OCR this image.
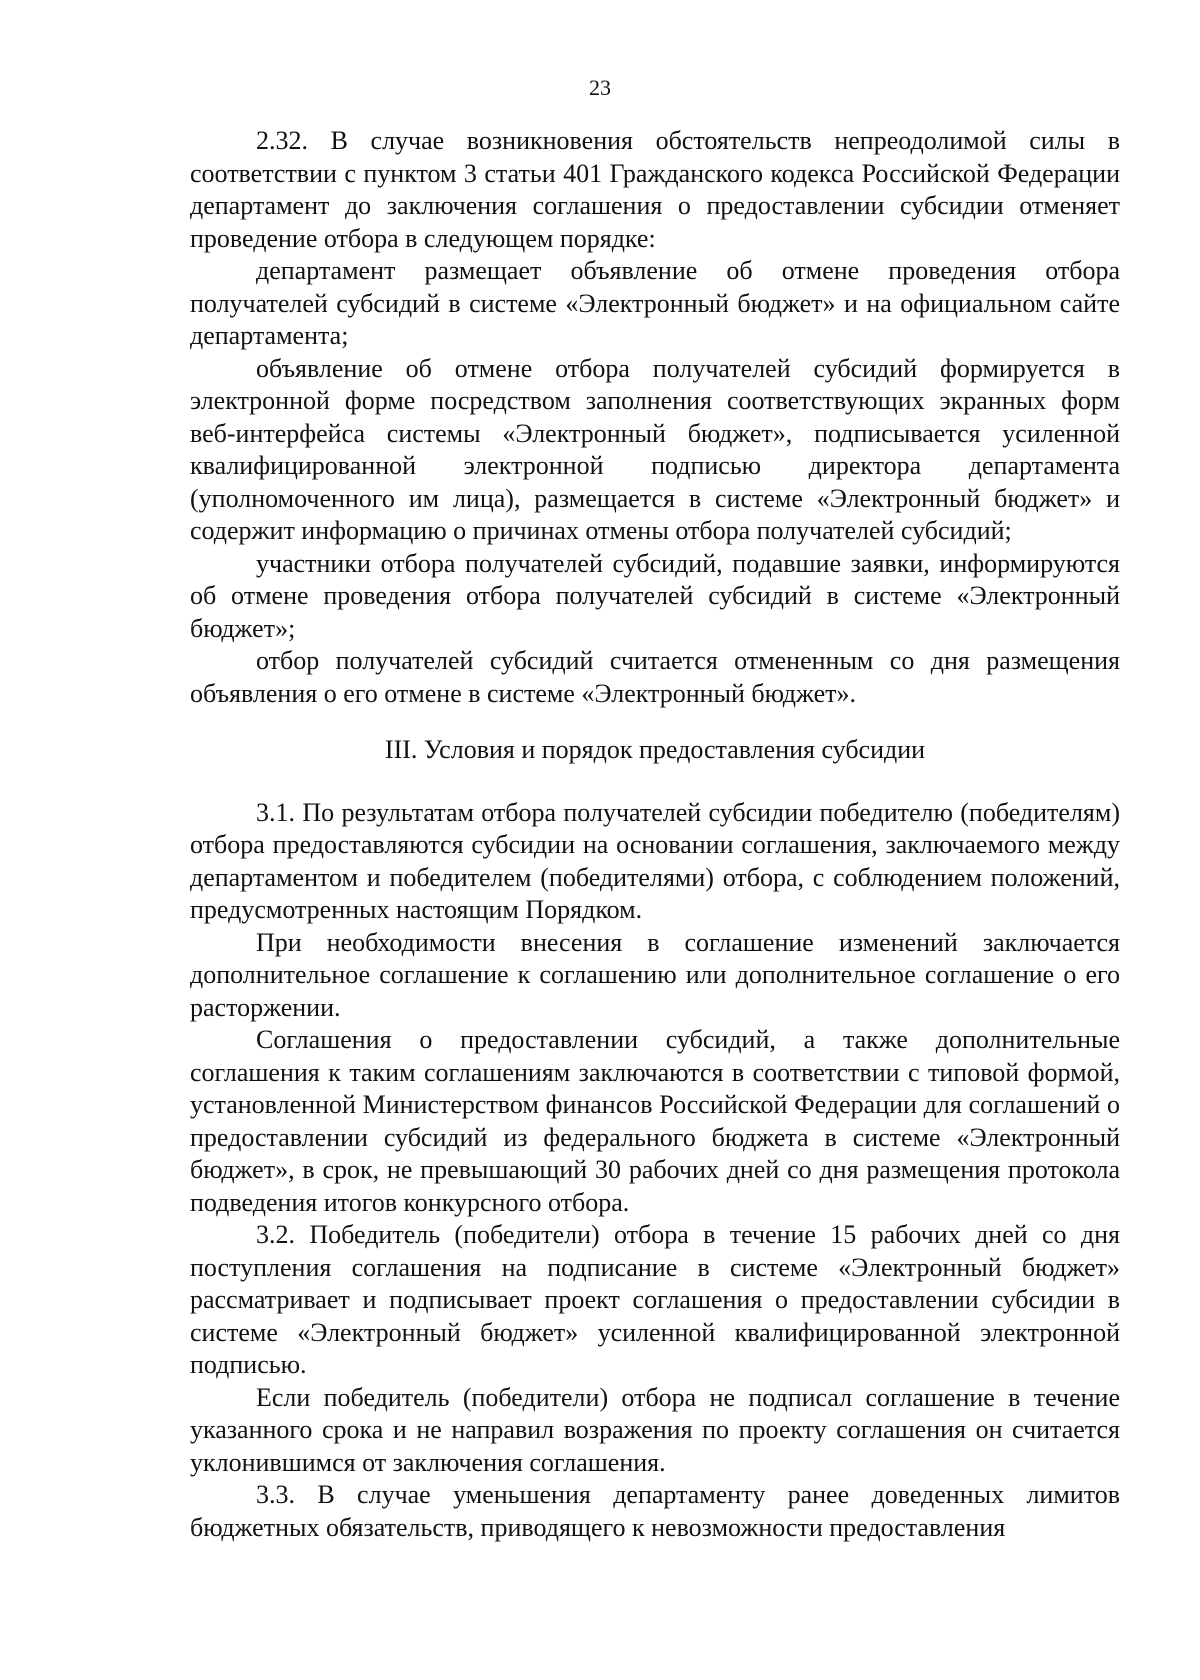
23

2.32. В случае возникновения обстоятельств непреодолимой силы в соответствии с пунктом 3 статьи 401 Гражданского кодекса Российской Федерации департамент до заключения соглашения о предоставлении субсидии отменяет проведение отбора в следующем порядке:

департамент размещает объявление об отмене проведения отбора получателей субсидий в системе «Электронный бюджет» и на официальном сайте департамента;

объявление об отмене отбора получателей субсидий формируется в электронной форме посредством заполнения соответствующих экранных форм веб-интерфейса системы «Электронный бюджет», подписывается усиленной квалифицированной электронной подписью директора департамента (уполномоченного им лица), размещается в системе «Электронный бюджет» и содержит информацию о причинах отмены отбора получателей субсидий;

участники отбора получателей субсидий, подавшие заявки, информируются об отмене проведения отбора получателей субсидий в системе «Электронный бюджет»;

отбор получателей субсидий считается отмененным со дня размещения объявления о его отмене в системе «Электронный бюджет».

III. Условия и порядок предоставления субсидии

3.1. По результатам отбора получателей субсидии победителю (победителям) отбора предоставляются субсидии на основании соглашения, заключаемого между департаментом и победителем (победителями) отбора, с соблюдением положений, предусмотренных настоящим Порядком.

При необходимости внесения в соглашение изменений заключается дополнительное соглашение к соглашению или дополнительное соглашение о его расторжении.

Соглашения о предоставлении субсидий, а также дополнительные соглашения к таким соглашениям заключаются в соответствии с типовой формой, установленной Министерством финансов Российской Федерации для соглашений о предоставлении субсидий из федерального бюджета в системе «Электронный бюджет», в срок, не превышающий 30 рабочих дней со дня размещения протокола подведения итогов конкурсного отбора.

3.2. Победитель (победители) отбора в течение 15 рабочих дней со дня поступления соглашения на подписание в системе «Электронный бюджет» рассматривает и подписывает проект соглашения о предоставлении субсидии в системе «Электронный бюджет» усиленной квалифицированной электронной подписью.

Если победитель (победители) отбора не подписал соглашение в течение указанного срока и не направил возражения по проекту соглашения он считается уклонившимся от заключения соглашения.

3.3. В случае уменьшения департаменту ранее доведенных лимитов бюджетных обязательств, приводящего к невозможности предоставления
